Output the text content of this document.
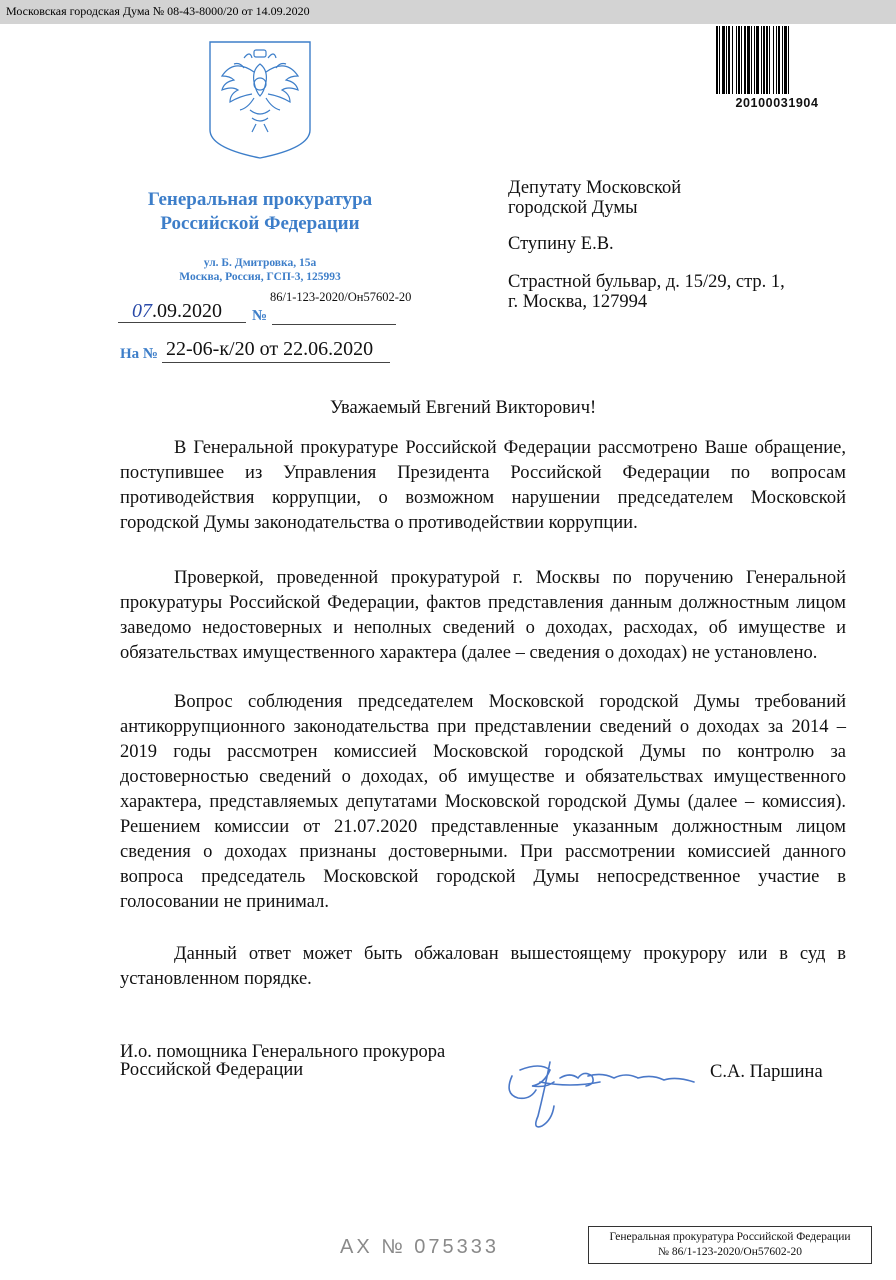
Московская городская Дума № 08-43-8000/20 от 14.09.2020
20100031904
Генеральная прокуратура
Российской Федерации
ул. Б. Дмитровка, 15а
Москва, Россия, ГСП-3, 125993
86/1-123-2020/Он57602-20
07.09.2020 №
На № 22-06-к/20 от 22.06.2020
Депутату Московской
городской Думы
Ступину Е.В.
Страстной бульвар, д. 15/29, стр. 1,
г. Москва, 127994
Уважаемый Евгений Викторович!
В Генеральной прокуратуре Российской Федерации рассмотрено Ваше обращение, поступившее из Управления Президента Российской Федерации по вопросам противодействия коррупции, о возможном нарушении председателем Московской городской Думы законодательства о противодействии коррупции.
Проверкой, проведенной прокуратурой г. Москвы по поручению Генеральной прокуратуры Российской Федерации, фактов представления данным должностным лицом заведомо недостоверных и неполных сведений о доходах, расходах, об имуществе и обязательствах имущественного характера (далее – сведения о доходах) не установлено.
Вопрос соблюдения председателем Московской городской Думы требований антикоррупционного законодательства при представлении сведений о доходах за 2014 – 2019 годы рассмотрен комиссией Московской городской Думы по контролю за достоверностью сведений о доходах, об имуществе и обязательствах имущественного характера, представляемых депутатами Московской городской Думы (далее – комиссия). Решением комиссии от 21.07.2020 представленные указанным должностным лицом сведения о доходах признаны достоверными. При рассмотрении комиссией данного вопроса председатель Московской городской Думы непосредственное участие в голосовании не принимал.
Данный ответ может быть обжалован вышестоящему прокурору или в суд в установленном порядке.
И.о. помощника Генерального прокурора
Российской Федерации	С.А. Паршина
АХ № 075333	Генеральная прокуратура Российской Федерации
№ 86/1-123-2020/Он57602-20
